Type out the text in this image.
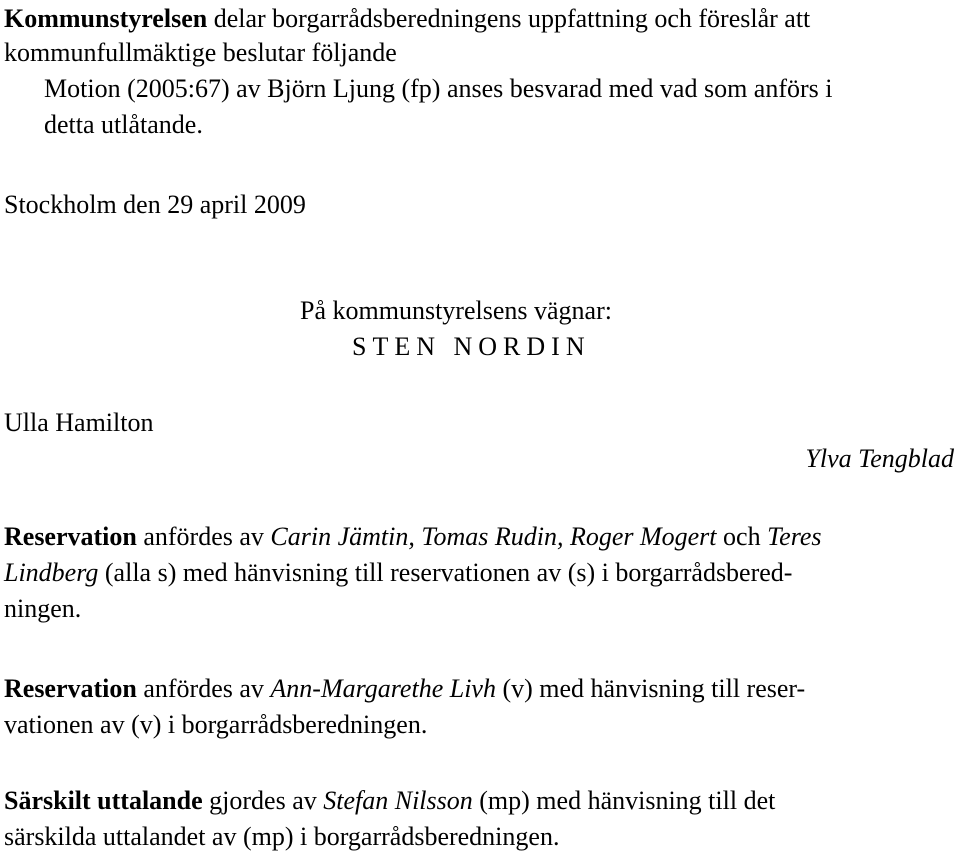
Kommunstyrelsen delar borgarrådsberedningens uppfattning och föreslår att
kommunfullmäktige beslutar följande
Motion (2005:67) av Björn Ljung (fp) anses besvarad med vad som anförs i
detta utlåtande.
Stockholm den 29 april 2009
På kommunstyrelsens vägnar:
STEN NORDIN
Ulla Hamilton
Ylva Tengblad
Reservation anfördes av Carin Jämtin, Tomas Rudin, Roger Mogert och Teres
Lindberg (alla s) med hänvisning till reservationen av (s) i borgarrådsbered-
ningen.
Reservation anfördes av Ann-Margarethe Livh (v) med hänvisning till reser-
vationen av (v) i borgarrådsberedningen.
Särskilt uttalande gjordes av Stefan Nilsson (mp) med hänvisning till det
särskilda uttalandet av (mp) i borgarrådsberedningen.
